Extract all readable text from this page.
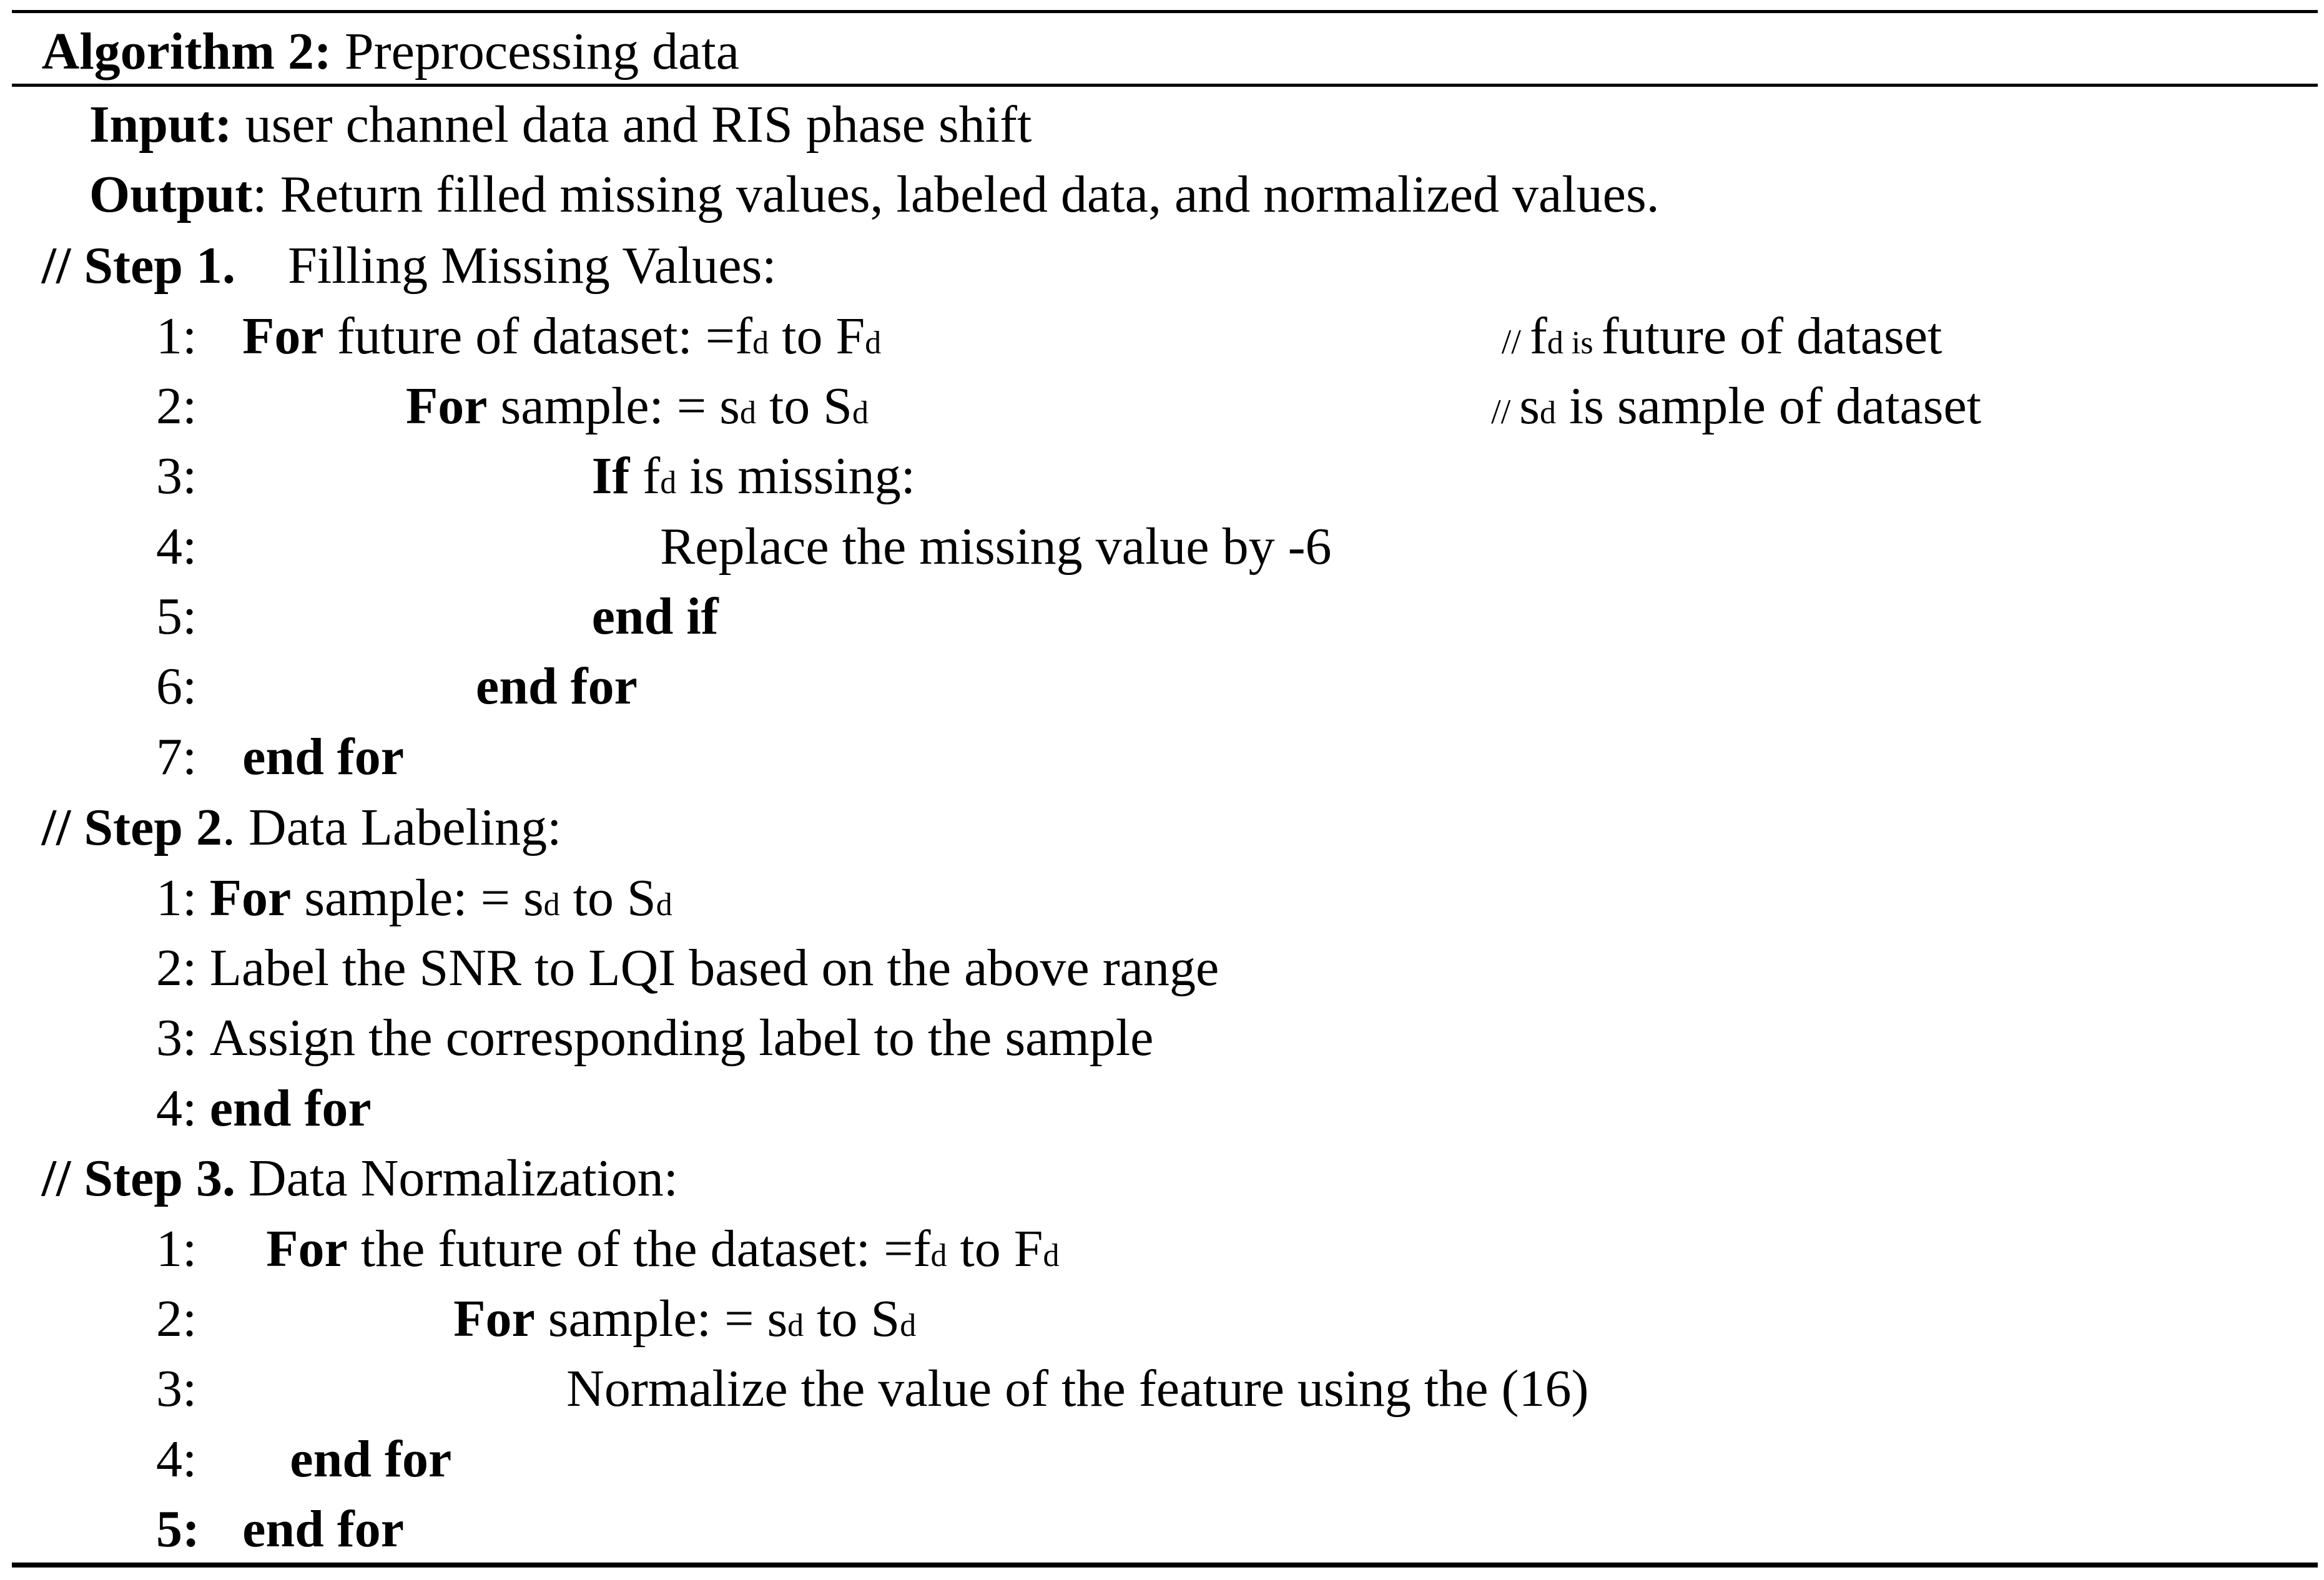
Algorithm 2: Preprocessing data
Input: user channel data and RIS phase shift
Output: Return filled missing values, labeled data, and normalized values.
// Step 1.    Filling Missing Values:
1: For future of dataset: =fd to Fd	// fd is future of dataset
2:	For sample: = sd to Sd	// sd is sample of dataset
3:	If fd is missing:
4:	Replace the missing value by -6
5:	end if
6:	end for
7: end for
// Step 2. Data Labeling:
1: For sample: = sd to Sd
2: Label the SNR to LQI based on the above range
3: Assign the corresponding label to the sample
4: end for
// Step 3. Data Normalization:
1: For the future of the dataset: =fd to Fd
2:	For sample: = sd to Sd
3:	Normalize the value of the feature using the (16)
4: end for
5: end for
